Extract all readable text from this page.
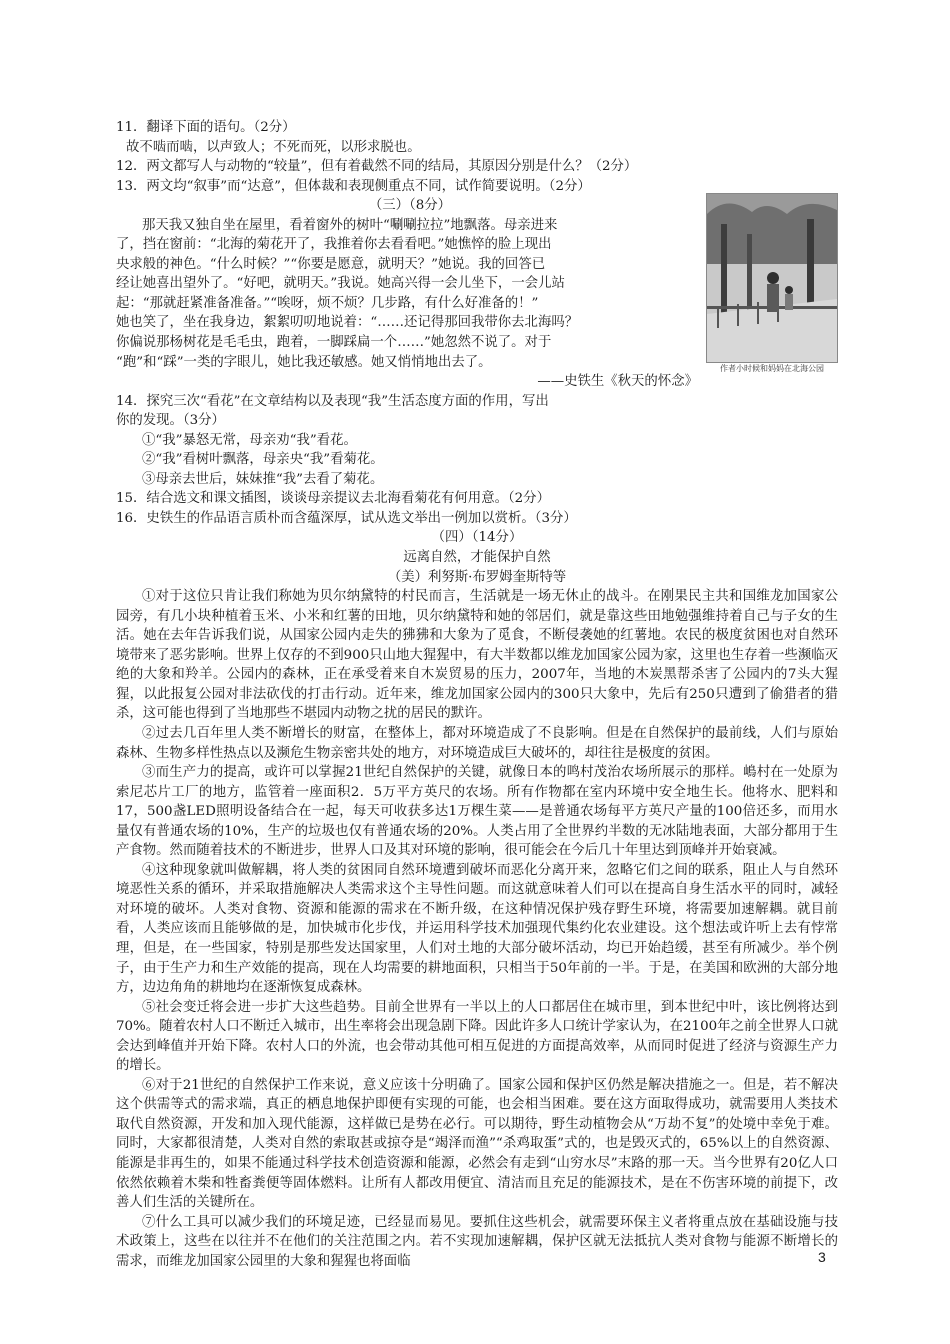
11．翻译下面的语句。（2分）
故不啮而啮，以声致人；不死而死，以形求脱也。
12．两文都写人与动物的“较量”，但有着截然不同的结局，其原因分别是什么？（2分）
13．两文均“叙事”而“达意”，但体裁和表现侧重点不同，试作简要说明。（2分）
（三）（8分）
那天我又独自坐在屋里，看着窗外的树叶“唰唰拉拉”地飘落。母亲进来
了，挡在窗前：“北海的菊花开了，我推着你去看看吧。”她憔悴的脸上现出
央求般的神色。“什么时候？”“你要是愿意，就明天？”她说。我的回答已
经让她喜出望外了。“好吧，就明天。”我说。她高兴得一会儿坐下，一会儿站
起：“那就赶紧准备准备。”“唉呀，烦不烦？几步路，有什么好准备的！”
她也笑了，坐在我身边，絮絮叨叨地说着：“……还记得那回我带你去北海吗？
你偏说那杨树花是毛毛虫，跑着，一脚踩扁一个……”她忽然不说了。对于
“跑”和“踩”一类的字眼儿，她比我还敏感。她又悄悄地出去了。
——史铁生《秋天的怀念》
14．探究三次“看花”在文章结构以及表现“我”生活态度方面的作用，写出
你的发现。（3分）
①“我”暴怒无常，母亲劝“我”看花。
②“我”看树叶飘落，母亲央“我”看菊花。
③母亲去世后，妹妹推“我”去看了菊花。
15．结合选文和课文插图，谈谈母亲提议去北海看菊花有何用意。（2分）
16．史铁生的作品语言质朴而含蕴深厚，试从选文举出一例加以赏析。（3分）
（四）（14分）
远离自然，才能保护自然
（美）利努斯·布罗姆奎斯特等
①对于这位只肯让我们称她为贝尔纳黛特的村民而言，生活就是一场无休止的战斗。在刚果民主共和国维龙加国家公园旁，有几小块种植着玉米、小米和红薯的田地，贝尔纳黛特和她的邻居们，就是靠这些田地勉强维持着自己与子女的生活。她在去年告诉我们说，从国家公园内走失的狒狒和大象为了觅食，不断侵袭她的红薯地。农民的极度贫困也对自然环境带来了恶劣影响。世界上仅存的不到900只山地大猩猩中，有大半数都以维龙加国家公园为家，这里也生存着一些濒临灭绝的大象和羚羊。公园内的森林，正在承受着来自木炭贸易的压力，2007年，当地的木炭黑帮杀害了公园内的7头大猩猩，以此报复公园对非法砍伐的打击行动。近年来，维龙加国家公园内的300只大象中，先后有250只遭到了偷猎者的猎杀，这可能也得到了当地那些不堪园内动物之扰的居民的默许。
②过去几百年里人类不断增长的财富，在整体上，都对环境造成了不良影响。但是在自然保护的最前线，人们与原始森林、生物多样性热点以及濒危生物亲密共处的地方，对环境造成巨大破坏的，却往往是极度的贫困。
③而生产力的提高，或许可以掌握21世纪自然保护的关键，就像日本的鸣村茂治农场所展示的那样。嶋村在一处原为索尼芯片工厂的地方，监管着一座面积2．5万平方英尺的农场。所有作物都在室内环境中安全地生长。他将水、肥料和17，500盏LED照明设备结合在一起，每天可收获多达1万棵生菜——是普通农场每平方英尺产量的100倍还多，而用水量仅有普通农场的10%，生产的垃圾也仅有普通农场的20%。人类占用了全世界约半数的无冰陆地表面，大部分都用于生产食物。然而随着技术的不断进步，世界人口及其对环境的影响，很可能会在今后几十年里达到顶峰并开始衰减。
④这种现象就叫做解耦，将人类的贫困同自然环境遭到破坏而恶化分离开来，忽略它们之间的联系，阻止人与自然环境恶性关系的循环，并采取措施解决人类需求这个主导性问题。而这就意味着人们可以在提高自身生活水平的同时，减轻对环境的破坏。人类对食物、资源和能源的需求在不断升级，在这种情况保护残存野生环境，将需要加速解耦。就目前看，人类应该而且能够做的是，加快城市化步伐，并运用科学技术加强现代集约化农业建设。这个想法或许听上去有悖常理，但是，在一些国家，特别是那些发达国家里，人们对土地的大部分破坏活动，均已开始趋缓，甚至有所减少。举个例子，由于生产力和生产效能的提高，现在人均需要的耕地面积，只相当于50年前的一半。于是，在美国和欧洲的大部分地方，边边角角的耕地均在逐渐恢复成森林。
⑤社会变迁将会进一步扩大这些趋势。目前全世界有一半以上的人口都居住在城市里，到本世纪中叶，该比例将达到70%。随着农村人口不断迁入城市，出生率将会出现急剧下降。因此许多人口统计学家认为，在2100年之前全世界人口就会达到峰值并开始下降。农村人口的外流，也会带动其他可相互促进的方面提高效率，从而同时促进了经济与资源生产力的增长。
⑥对于21世纪的自然保护工作来说，意义应该十分明确了。国家公园和保护区仍然是解决措施之一。但是，若不解决这个供需等式的需求端，真正的栖息地保护即便有实现的可能，也会相当困难。要在这方面取得成功，就需要用人类技术取代自然资源，开发和加入现代能源，这样做已是势在必行。可以期待，野生动植物会从“万劫不复”的处境中幸免于难。同时，大家都很清楚，人类对自然的索取甚或掠夺是“竭泽而渔”“杀鸡取蛋”式的，也是毁灭式的，65%以上的自然资源、能源是非再生的，如果不能通过科学技术创造资源和能源，必然会有走到“山穷水尽”末路的那一天。当今世界有20亿人口依然依赖着木柴和牲畜粪便等固体燃料。让所有人都改用便宜、清洁而且充足的能源技术，是在不伤害环境的前提下，改善人们生活的关键所在。
⑦什么工具可以减少我们的环境足迹，已经显而易见。要抓住这些机会，就需要环保主义者将重点放在基础设施与技术政策上，这些在以往并不在他们的关注范围之内。若不实现加速解耦，保护区就无法抵抗人类对食物与能源不断增长的需求，而维龙加国家公园里的大象和猩猩也将面临
作者小时候和妈妈在北海公园
3
